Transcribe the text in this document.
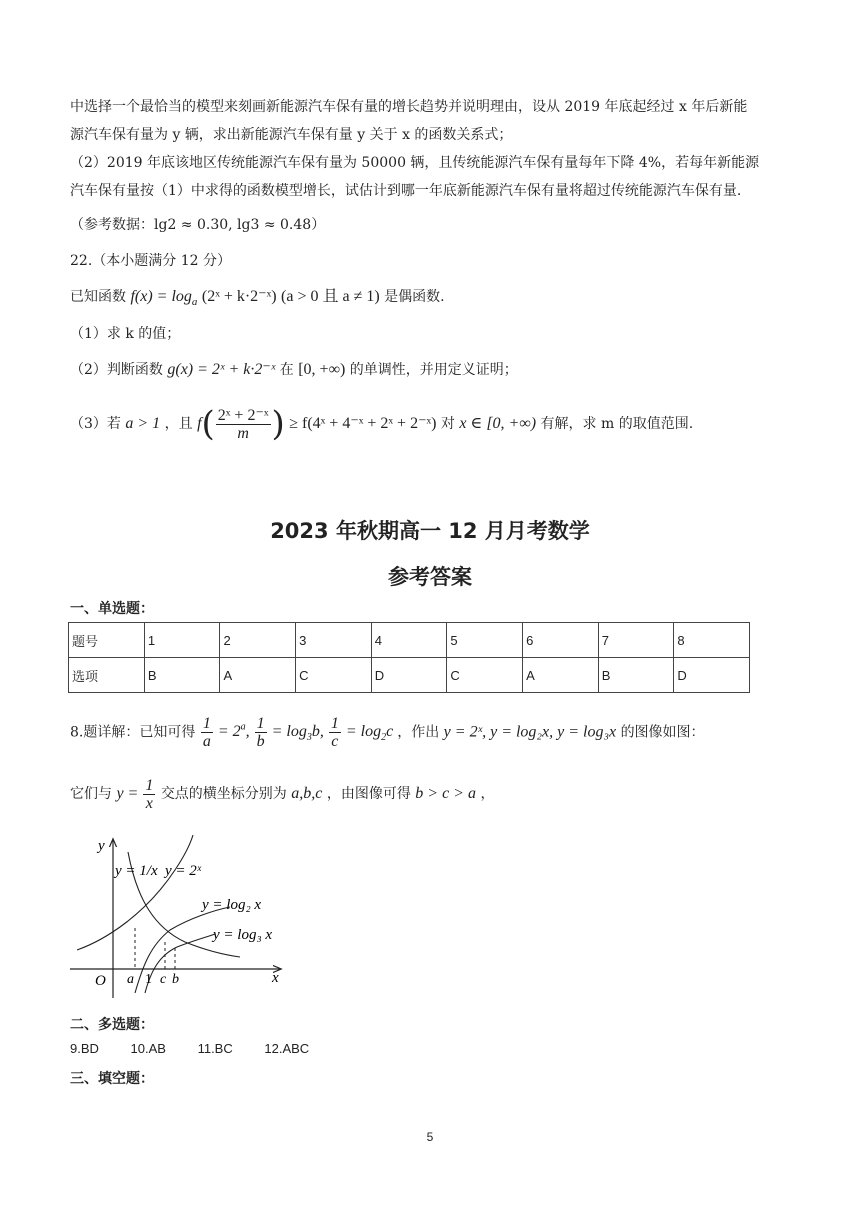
中选择一个最恰当的模型来刻画新能源汽车保有量的增长趋势并说明理由，设从 2019 年底起经过 x 年后新能
源汽车保有量为 y 辆，求出新能源汽车保有量 y 关于 x 的函数关系式；
（2）2019 年底该地区传统能源汽车保有量为 50000 辆，且传统能源汽车保有量每年下降 4%，若每年新能源
汽车保有量按（1）中求得的函数模型增长，试估计到哪一年底新能源汽车保有量将超过传统能源汽车保有量.
（参考数据：lg2 ≈ 0.30, lg3 ≈ 0.48）
22.（本小题满分 12 分）
已知函数 $f(x) = \log_a$ (2ˣ + k·2⁻ˣ) (a > 0 且 a ≠ 1) 是偶函数.
（1）求 k 的值；
（2）判断函数 g(x) = 2ˣ + k·2⁻ˣ 在 [0, +∞) 的单调性，并用定义证明；
（3）若 a > 1 ，且 $f( \frac{\text{2ˣ + 2⁻ˣ}}{m}$ ) ≥ f(4ˣ + 4⁻ˣ + 2ˣ + 2⁻ˣ) 对 x ∈ [0, +∞) 有解，求 m 的取值范围.
2023 年秋期高一 12 月月考数学
参考答案
一、单选题：
题号	1	2	3	4	5	6	7	8
选项	B	A	C	D	C	A	B	D
8.题详解：已知可得 $\frac{1}{a} = 2^a$, $\frac{1}{b} = \log_3b$, $\frac{1}{c} = \log_2c$ ，作出 y = 2ˣ, y = log₂x, y = log₃x 的图像如图：
它们与 $y = \frac{1}{x}$ 交点的横坐标分别为 a,b,c ，由图像可得 b > c > a ，
y
x
O
y = 1/x y = 2ˣ
y = log₂ x
y = log₃ x
a 1 c b
二、多选题：
9.BD 10.AB 11.BC 12.ABC
三、填空题：
5
